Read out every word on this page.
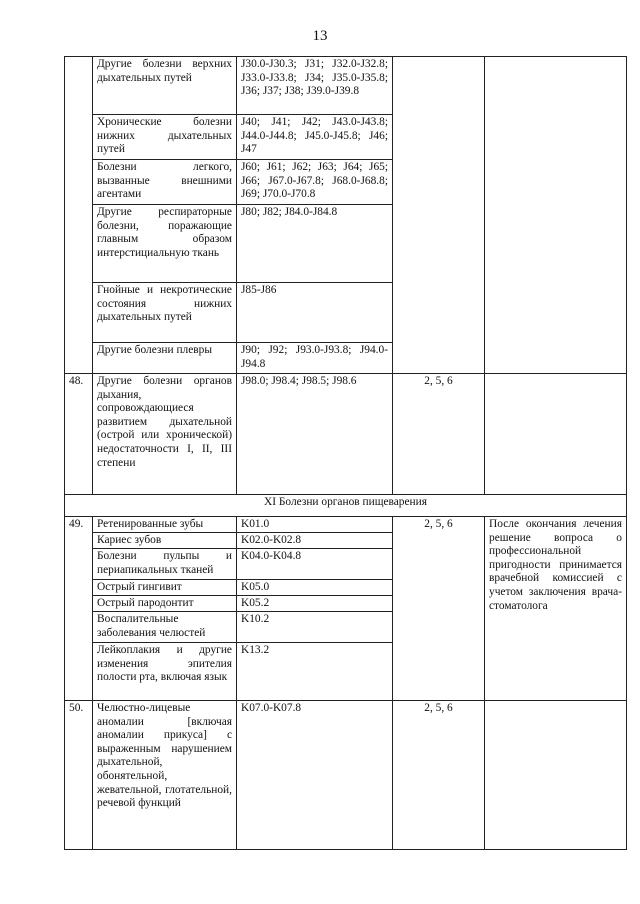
13
	Другие болезни верхних дыхательных путей	J30.0-J30.3; J31; J32.0-J32.8; J33.0-J33.8; J34; J35.0-J35.8; J36; J37; J38; J39.0-J39.8		
	Хронические болезни нижних дыхательных путей	J40; J41; J42; J43.0-J43.8; J44.0-J44.8; J45.0-J45.8; J46; J47		
	Болезни легкого, вызванные внешними агентами	J60; J61; J62; J63; J64; J65; J66; J67.0-J67.8; J68.0-J68.8; J69; J70.0-J70.8		
	Другие респираторные болезни, поражающие главным образом интерстициальную ткань	J80; J82; J84.0-J84.8		
	Гнойные и некротические состояния нижних дыхательных путей	J85-J86		
	Другие болезни плевры	J90; J92; J93.0-J93.8; J94.0-J94.8		
48.	Другие болезни органов дыхания, сопровождающиеся развитием дыхательной (острой или хронической) недостаточности I, II, III степени	J98.0; J98.4; J98.5; J98.6	2, 5, 6	
XI Болезни органов пищеварения				
49.	Ретенированные зубы	K01.0	2, 5, 6	После окончания лечения решение вопроса о профессиональной пригодности принимается врачебной комиссией с учетом заключения врача-стоматолога
	Кариес зубов	K02.0-K02.8		
	Болезни пульпы и периапикальных тканей	K04.0-K04.8		
	Острый гингивит	K05.0		
	Острый пародонтит	K05.2		
	Воспалительные заболевания челюстей	K10.2		
	Лейкоплакия и другие изменения эпителия полости рта, включая язык	K13.2		
50.	Челюстно-лицевые аномалии [включая аномалии прикуса] с выраженным нарушением дыхательной, обонятельной, жевательной, глотательной, речевой функций	K07.0-K07.8	2, 5, 6	
